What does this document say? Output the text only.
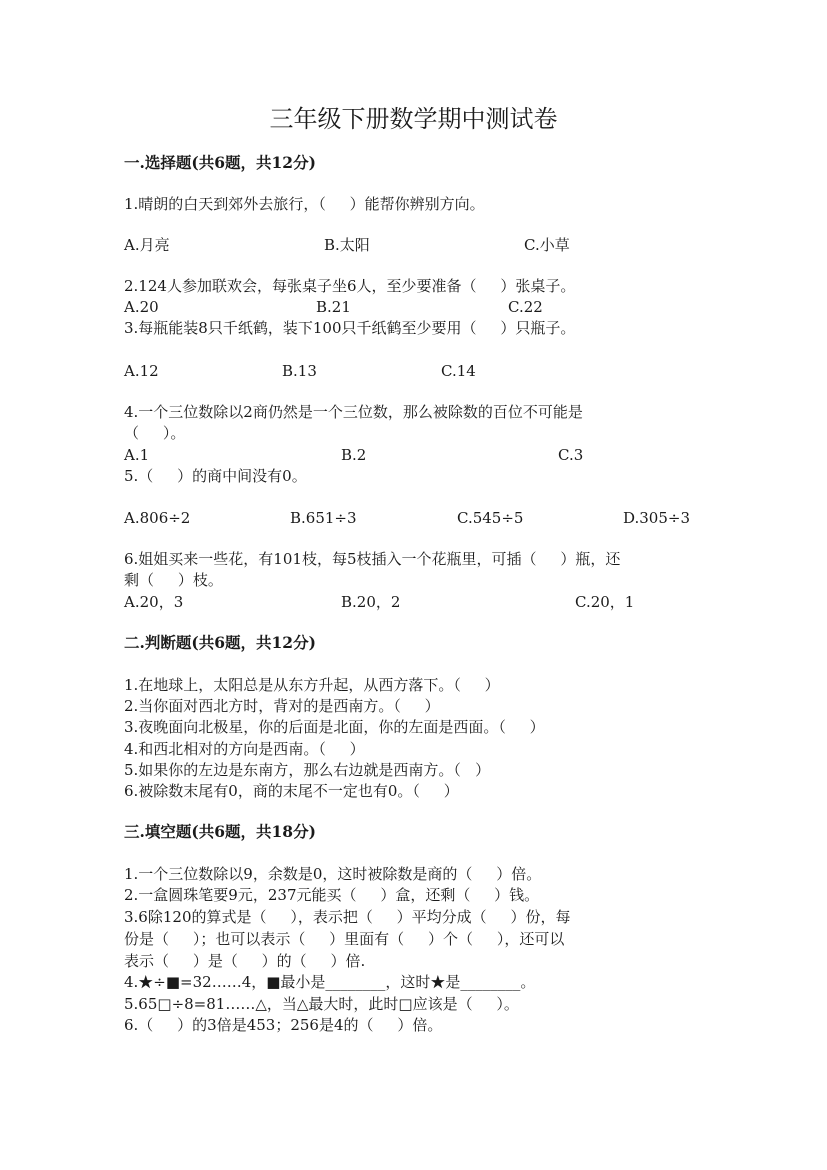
三年级下册数学期中测试卷
一.选择题(共6题，共12分)
1.晴朗的白天到郊外去旅行，（     ）能帮你辨别方向。
A.月亮	B.太阳	C.小草
2.124人参加联欢会，每张桌子坐6人，至少要准备（     ）张桌子。
A.20	B.21	C.22
3.每瓶能装8只千纸鹤，装下100只千纸鹤至少要用（     ）只瓶子。
A.12	B.13	C.14
4.一个三位数除以2商仍然是一个三位数，那么被除数的百位不可能是
（     ）。
A.1	B.2	C.3
5.（     ）的商中间没有0。
A.806÷2	B.651÷3	C.545÷5	D.305÷3
6.姐姐买来一些花，有101枝，每5枝插入一个花瓶里，可插（     ）瓶，还
剩（     ）枝。
A.20，3	B.20，2	C.20，1
二.判断题(共6题，共12分)
1.在地球上，太阳总是从东方升起，从西方落下。（     ）
2.当你面对西北方时，背对的是西南方。（     ）
3.夜晚面向北极星，你的后面是北面，你的左面是西面。（     ）
4.和西北相对的方向是西南。（     ）
5.如果你的左边是东南方，那么右边就是西南方。（   ）
6.被除数末尾有0，商的末尾不一定也有0。（     ）
三.填空题(共6题，共18分)
1.一个三位数除以9，余数是0，这时被除数是商的（     ）倍。
2.一盒圆珠笔要9元，237元能买（     ）盒，还剩（     ）钱。
3.6除120的算式是（     ），表示把（     ）平均分成（     ）份，每
份是（     ）；也可以表示（     ）里面有（     ）个（     ），还可以
表示（     ）是（     ）的（     ）倍.
4.★÷■=32……4，■最小是________，这时★是________。
5.65□÷8=81……△，当△最大时，此时□应该是（     ）。
6.（     ）的3倍是453；256是4的（     ）倍。
